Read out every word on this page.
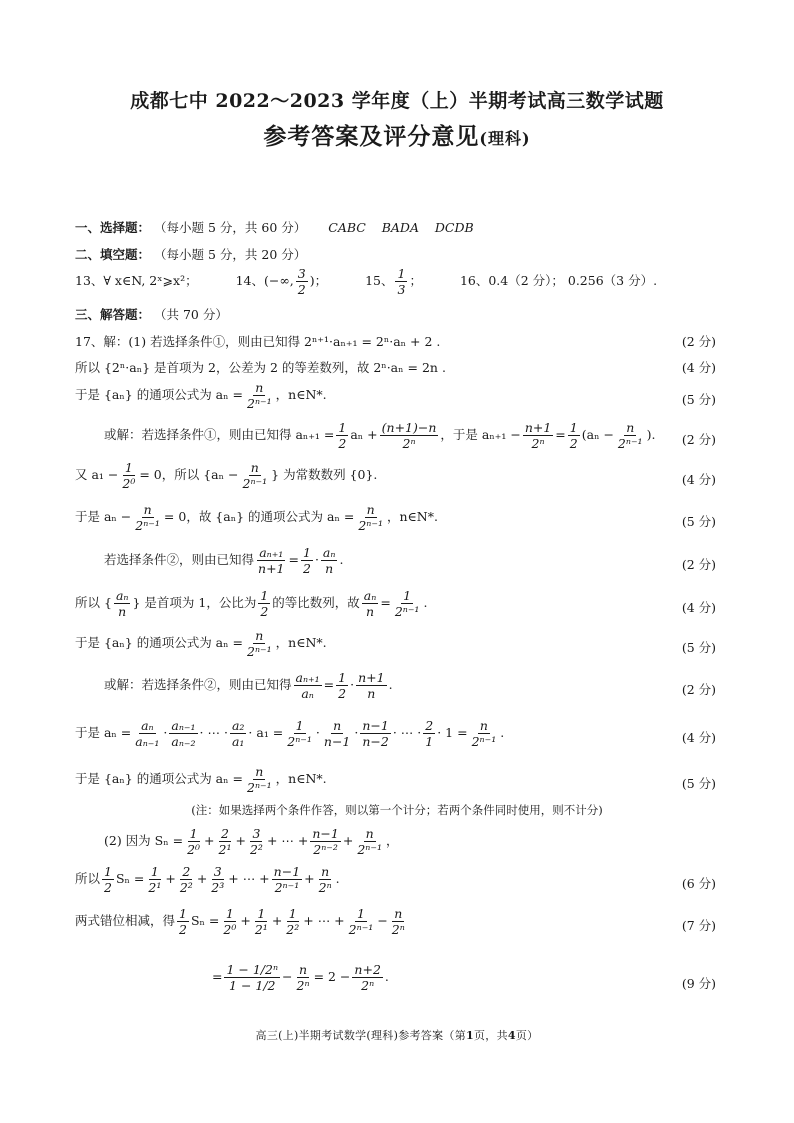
成都七中 2022～2023 学年度（上）半期考试高三数学试题
参考答案及评分意见(理科)
一、选择题： （每小题 5 分，共 60 分） CABC    BADA    DCDB
二、填空题： （每小题 5 分，共 20 分）
13、∀ x∈N, 2ˣ⩾x²；	14、(−∞, $\frac{3}{2}$ )；	15、 $\frac{1}{3}$ ；	16、0.4（2 分）； 0.256（3 分）.
三、解答题： （共 70 分）
17、解：(1) 若选择条件①，则由已知得 2ⁿ⁺¹·aₙ₊₁ = 2ⁿ·aₙ + 2 .	(2 分)
所以 {2ⁿ·aₙ} 是首项为 2，公差为 2 的等差数列，故 2ⁿ·aₙ = 2n .	(4 分)
于是 {aₙ} 的通项公式为 $a_n = \frac{n}{\text{2ⁿ⁻¹}}$ ，n∈N*.	(5 分)
或解：若选择条件①，则由已知得 $a_{n+1} = \frac{1}{2}$ $a_n + \frac{(n+1)-n}{\text{2ⁿ}}$ ，于是 $a_{n+1} - \frac{n+1}{\text{2ⁿ}} = \frac{1}{2} (a_n - \frac{n}{\text{2ⁿ⁻¹}}$ ).	(2 分)
又 $a_1 - \frac{1}{\text{2⁰}} = 0$，所以 {$a_n - \frac{n}{\text{2ⁿ⁻¹}}$ } 为常数数列 {0}.	(4 分)
于是 $a_n - \frac{n}{\text{2ⁿ⁻¹}} = 0$，故 {aₙ} 的通项公式为 $a_n = \frac{n}{\text{2ⁿ⁻¹}}$ ，n∈N*.	(5 分)
若选择条件②，则由已知得 $\frac{\text{aₙ₊₁}}{n+1} = \frac{1}{2} \cdot \frac{\text{aₙ}}{n}$ .	(2 分)
所以 { $\frac{\text{aₙ}}{n}$ } 是首项为 1，公比为 $\frac{1}{2}$ 的等比数列，故 $\frac{\text{aₙ}}{n} = \frac{1}{\text{2ⁿ⁻¹}}$ .	(4 分)
于是 {aₙ} 的通项公式为 $a_n = \frac{n}{\text{2ⁿ⁻¹}}$ ，n∈N*.	(5 分)
或解：若选择条件②，则由已知得 $\frac{\text{aₙ₊₁}}{\text{aₙ}} = \frac{1}{2} \cdot \frac{n+1}{n}$ .	(2 分)
于是 $a_n = \frac{\text{aₙ}}{\text{aₙ₋₁}} \cdot \frac{\text{aₙ₋₁}}{\text{aₙ₋₂}}$ · ⋯ · $\frac{\text{a₂}}{\text{a₁}} \cdot a_1 = \frac{1}{\text{2ⁿ⁻¹}} \cdot \frac{n}{n-1} \cdot \frac{n-1}{n-2}$ · ⋯ · $\frac{2}{1} \cdot 1 = \frac{n}{\text{2ⁿ⁻¹}}$ .	(4 分)
于是 {aₙ} 的通项公式为 $a_n = \frac{n}{\text{2ⁿ⁻¹}}$ ，n∈N*.	(5 分)
(注：如果选择两个条件作答，则以第一个计分；若两个条件同时使用，则不计分)
(2) 因为 $S_n = \frac{1}{\text{2⁰}} + \frac{2}{\text{2¹}} + \frac{3}{\text{2²}}$ + ⋯ + $\frac{n-1}{\text{2ⁿ⁻²}} + \frac{n}{\text{2ⁿ⁻¹}}$ ，
所以 $\frac{1}{2}$ $S_n = \frac{1}{\text{2¹}} + \frac{2}{\text{2²}} + \frac{3}{\text{2³}}$ + ⋯ + $\frac{n-1}{\text{2ⁿ⁻¹}} + \frac{n}{\text{2ⁿ}}$ .	(6 分)
两式错位相减，得 $\frac{1}{2}$ $S_n = \frac{1}{\text{2⁰}} + \frac{1}{\text{2¹}} + \frac{1}{\text{2²}}$ + ⋯ + $\frac{1}{\text{2ⁿ⁻¹}} - \frac{n}{\text{2ⁿ}}$	(7 分)
= $\frac{\text{1 − 1/2ⁿ}}{1 - 1/2} - \frac{n}{\text{2ⁿ}} = 2 - \frac{n+2}{\text{2ⁿ}}$ .	(9 分)
高三(上)半期考试数学(理科)参考答案（第1页，共4页）
